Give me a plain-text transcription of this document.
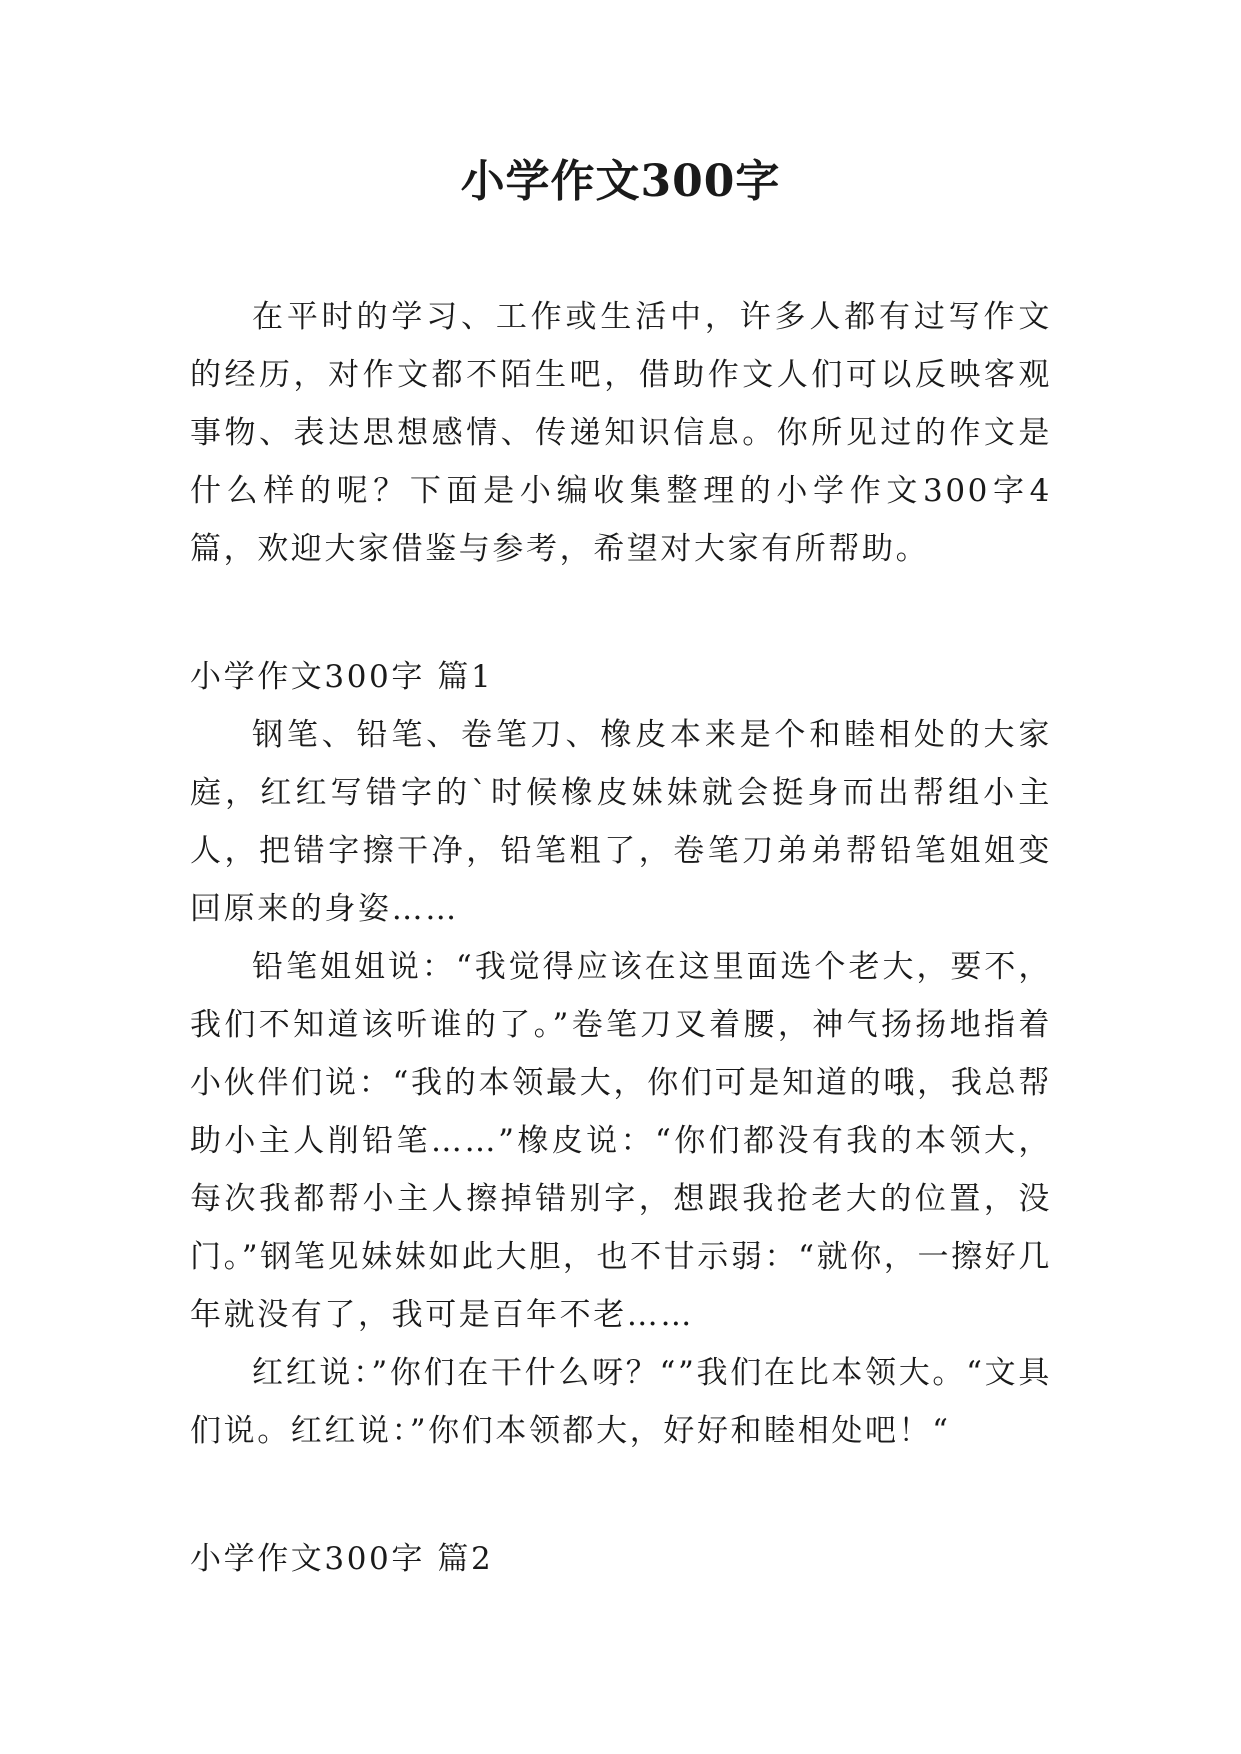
小学作文300字

在平时的学习、工作或生活中，许多人都有过写作文的经历，对作文都不陌生吧，借助作文人们可以反映客观事物、表达思想感情、传递知识信息。你所见过的作文是什么样的呢？下面是小编收集整理的小学作文300字4篇，欢迎大家借鉴与参考，希望对大家有所帮助。

小学作文300字 篇1

钢笔、铅笔、卷笔刀、橡皮本来是个和睦相处的大家庭，红红写错字的`时候橡皮妹妹就会挺身而出帮组小主人，把错字擦干净，铅笔粗了，卷笔刀弟弟帮铅笔姐姐变回原来的身姿……

铅笔姐姐说：“我觉得应该在这里面选个老大，要不，我们不知道该听谁的了。”卷笔刀叉着腰，神气扬扬地指着小伙伴们说：“我的本领最大，你们可是知道的哦，我总帮助小主人削铅笔……”橡皮说：“你们都没有我的本领大，每次我都帮小主人擦掉错别字，想跟我抢老大的位置，没门。”钢笔见妹妹如此大胆，也不甘示弱：“就你，一擦好几年就没有了，我可是百年不老……

红红说：”你们在干什么呀？“”我们在比本领大。“文具们说。红红说：”你们本领都大，好好和睦相处吧！“

小学作文300字 篇2
